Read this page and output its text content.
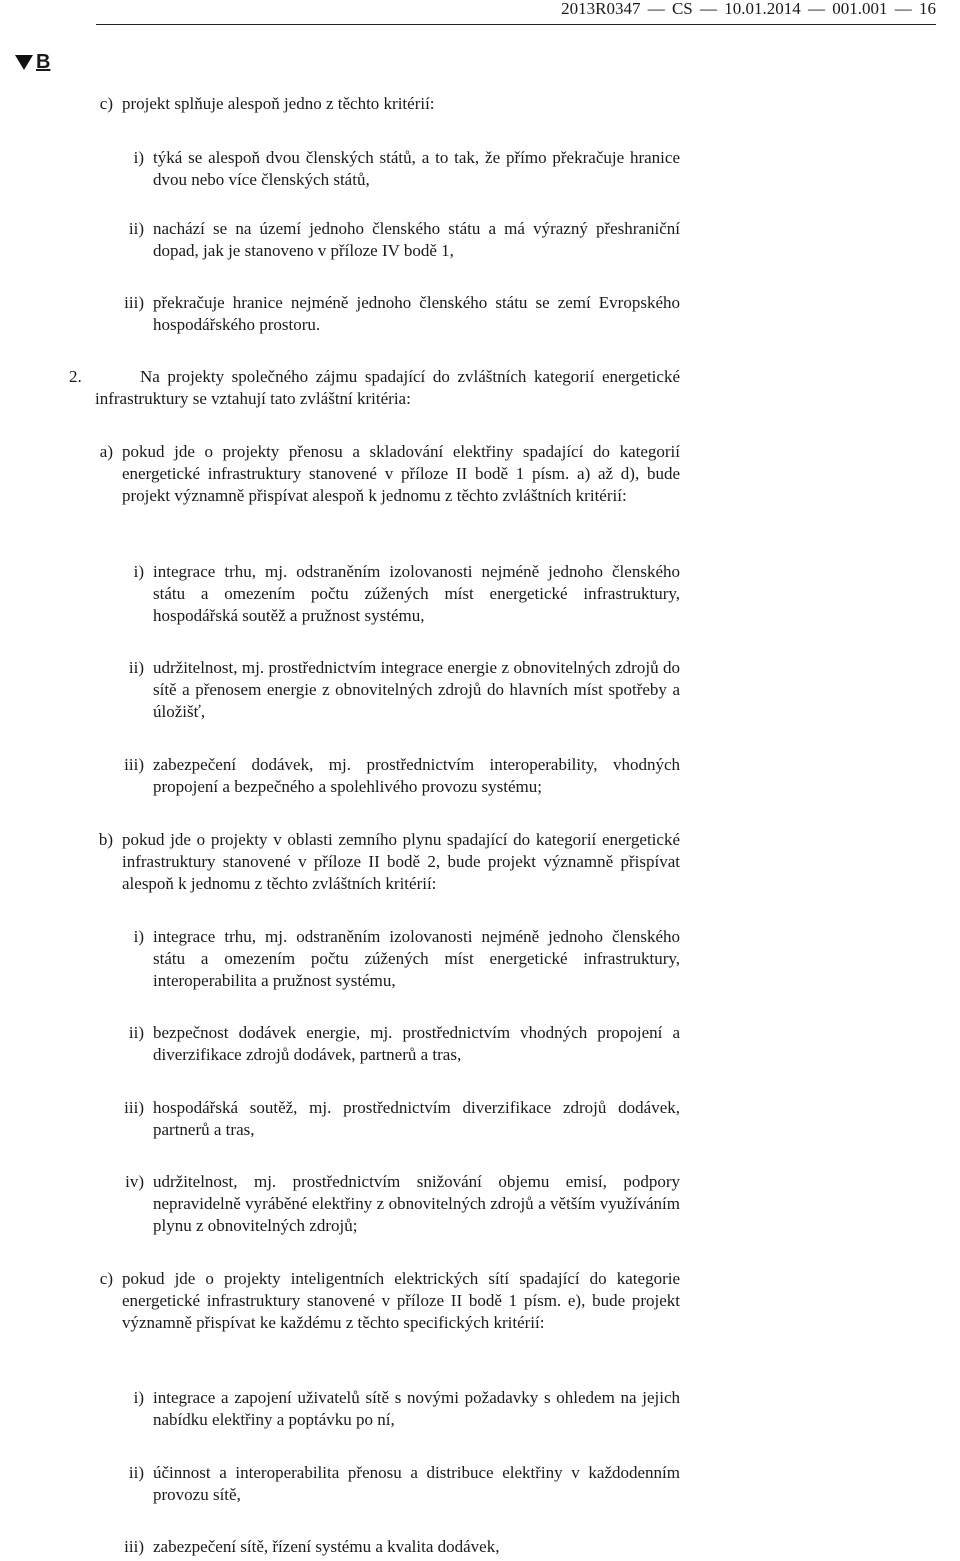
2013R0347 — CS — 10.01.2014 — 001.001 — 16
B
c) projekt splňuje alespoň jedno z těchto kritérií:
i) týká se alespoň dvou členských států, a to tak, že přímo překračuje hranice dvou nebo více členských států,
ii) nachází se na území jednoho členského státu a má výrazný přeshraniční dopad, jak je stanoveno v příloze IV bodě 1,
iii) překračuje hranice nejméně jednoho členského státu se zemí Evropského hospodářského prostoru.

2.	Na projekty společného zájmu spadající do zvláštních kategorií energetické infrastruktury se vztahují tato zvláštní kritéria:

a) pokud jde o projekty přenosu a skladování elektřiny spadající do kategorií energetické infrastruktury stanovené v příloze II bodě 1 písm. a) až d), bude projekt významně přispívat alespoň k jednomu z těchto zvláštních kritérií:
i) integrace trhu, mj. odstraněním izolovanosti nejméně jednoho členského státu a omezením počtu zúžených míst energetické infrastruktury, hospodářská soutěž a pružnost systému,
ii) udržitelnost, mj. prostřednictvím integrace energie z obnovitelných zdrojů do sítě a přenosem energie z obnovitelných zdrojů do hlavních míst spotřeby a úložišť,
iii) zabezpečení dodávek, mj. prostřednictvím interoperability, vhodných propojení a bezpečného a spolehlivého provozu systému;
b) pokud jde o projekty v oblasti zemního plynu spadající do kategorií energetické infrastruktury stanovené v příloze II bodě 2, bude projekt významně přispívat alespoň k jednomu z těchto zvláštních kritérií:
i) integrace trhu, mj. odstraněním izolovanosti nejméně jednoho členského státu a omezením počtu zúžených míst energetické infrastruktury, interoperabilita a pružnost systému,
ii) bezpečnost dodávek energie, mj. prostřednictvím vhodných propojení a diverzifikace zdrojů dodávek, partnerů a tras,
iii) hospodářská soutěž, mj. prostřednictvím diverzifikace zdrojů dodávek, partnerů a tras,
iv) udržitelnost, mj. prostřednictvím snižování objemu emisí, podpory nepravidelně vyráběné elektřiny z obnovitelných zdrojů a větším využíváním plynu z obnovitelných zdrojů;
c) pokud jde o projekty inteligentních elektrických sítí spadající do kategorie energetické infrastruktury stanovené v příloze II bodě 1 písm. e), bude projekt významně přispívat ke každému z těchto specifických kritérií:
i) integrace a zapojení uživatelů sítě s novými požadavky s ohledem na jejich nabídku elektřiny a poptávku po ní,
ii) účinnost a interoperabilita přenosu a distribuce elektřiny v každodenním provozu sítě,
iii) zabezpečení sítě, řízení systému a kvalita dodávek,
